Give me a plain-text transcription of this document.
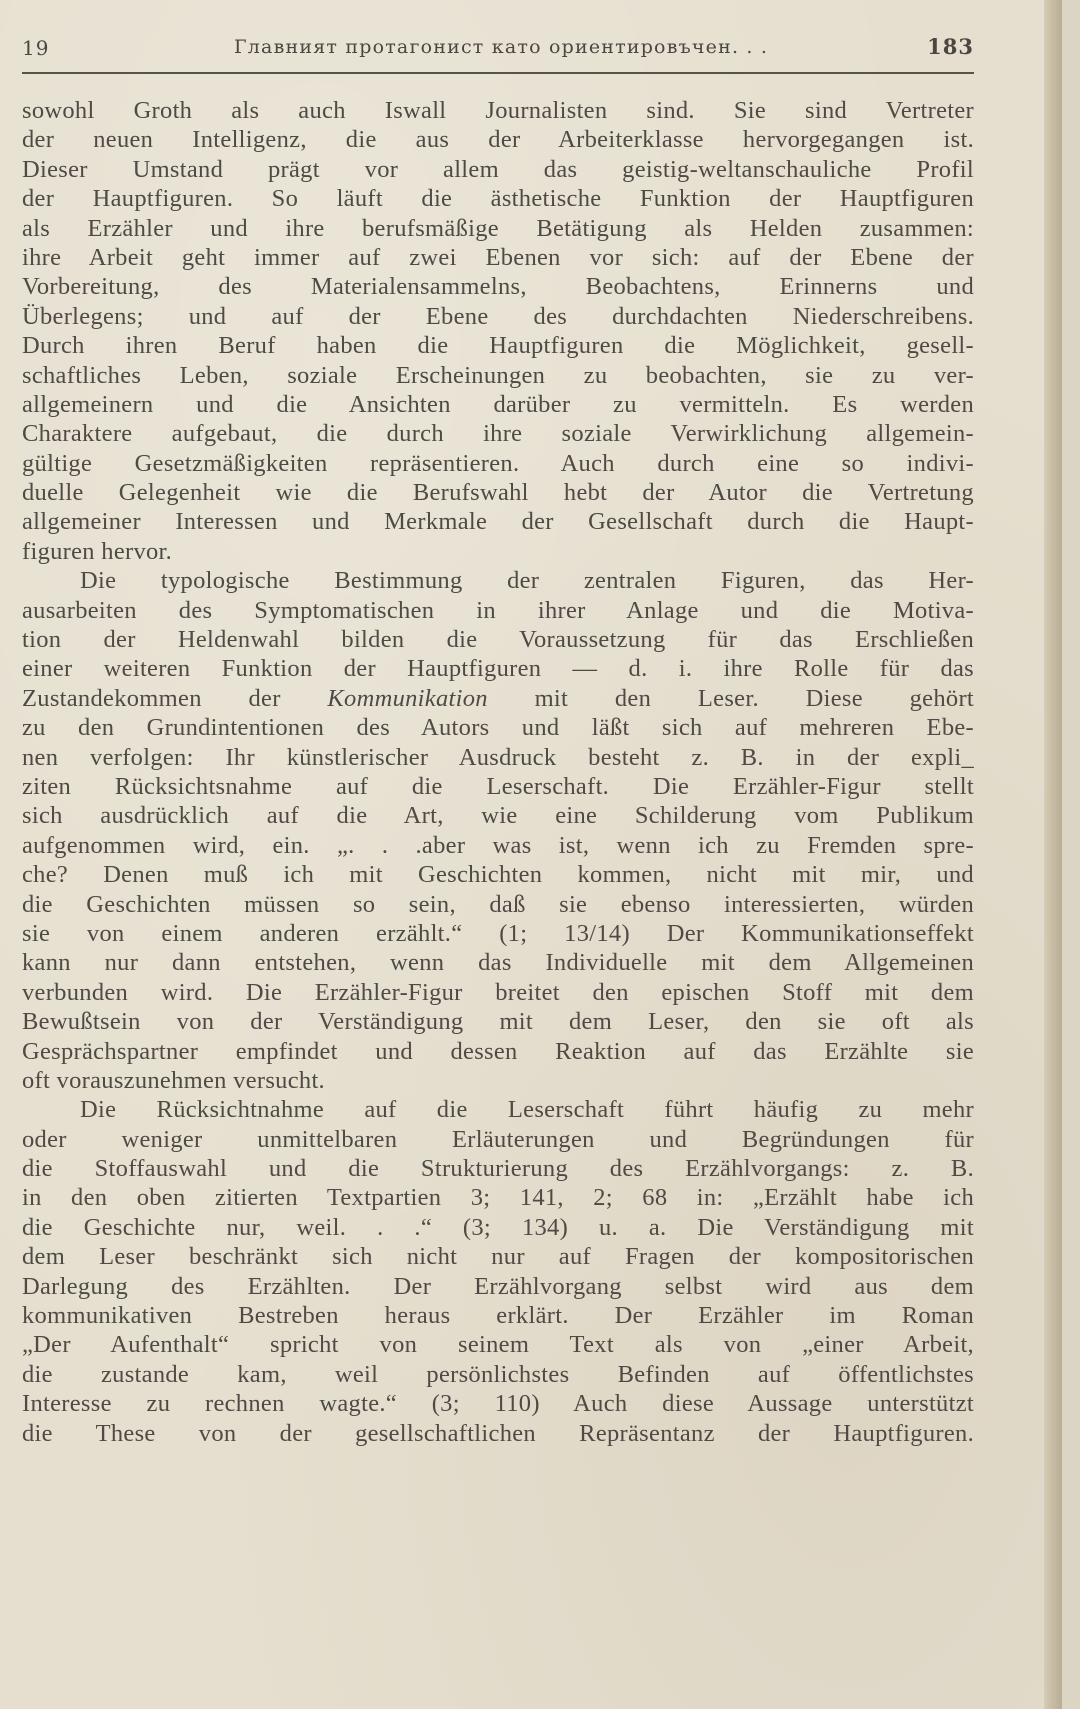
19	Главният протагонист като ориентировъчен. . .	183
sowohl Groth als auch Iswall Journalisten sind. Sie sind Vertreter
der neuen Intelligenz, die aus der Arbeiterklasse hervorgegangen ist.
Dieser Umstand prägt vor allem das geistig-weltanschauliche Profil
der Hauptfiguren. So läuft die ästhetische Funktion der Hauptfiguren
als Erzähler und ihre berufsmäßige Betätigung als Helden zusammen:
ihre Arbeit geht immer auf zwei Ebenen vor sich: auf der Ebene der
Vorbereitung, des Materialensammelns, Beobachtens, Erinnerns und
Überlegens; und auf der Ebene des durchdachten Niederschreibens.
Durch ihren Beruf haben die Hauptfiguren die Möglichkeit, gesell-
schaftliches Leben, soziale Erscheinungen zu beobachten, sie zu ver-
allgemeinern und die Ansichten darüber zu vermitteln. Es werden
Charaktere aufgebaut, die durch ihre soziale Verwirklichung allgemein-
gültige Gesetzmäßigkeiten repräsentieren. Auch durch eine so indivi-
duelle Gelegenheit wie die Berufswahl hebt der Autor die Vertretung
allgemeiner Interessen und Merkmale der Gesellschaft durch die Haupt-
figuren hervor.
Die typologische Bestimmung der zentralen Figuren, das Her-
ausarbeiten des Symptomatischen in ihrer Anlage und die Motiva-
tion der Heldenwahl bilden die Voraussetzung für das Erschließen
einer weiteren Funktion der Hauptfiguren — d. i. ihre Rolle für das
Zustandekommen der Kommunikation mit den Leser. Diese gehört
zu den Grundintentionen des Autors und läßt sich auf mehreren Ebe-
nen verfolgen: Ihr künstlerischer Ausdruck besteht z. B. in der expli_
ziten Rücksichtsnahme auf die Leserschaft. Die Erzähler-Figur stellt
sich ausdrücklich auf die Art, wie eine Schilderung vom Publikum
aufgenommen wird, ein. „. . .aber was ist, wenn ich zu Fremden spre-
che? Denen muß ich mit Geschichten kommen, nicht mit mir, und
die Geschichten müssen so sein, daß sie ebenso interessierten, würden
sie von einem anderen erzählt.“ (1; 13/14) Der Kommunikationseffekt
kann nur dann entstehen, wenn das Individuelle mit dem Allgemeinen
verbunden wird. Die Erzähler-Figur breitet den epischen Stoff mit dem
Bewußtsein von der Verständigung mit dem Leser, den sie oft als
Gesprächspartner empfindet und dessen Reaktion auf das Erzählte sie
oft vorauszunehmen versucht.
Die Rücksichtnahme auf die Leserschaft führt häufig zu mehr
oder weniger unmittelbaren Erläuterungen und Begründungen für
die Stoffauswahl und die Strukturierung des Erzählvorgangs: z. B.
in den oben zitierten Textpartien 3; 141, 2; 68 in: „Erzählt habe ich
die Geschichte nur, weil. . .“ (3; 134) u. a. Die Verständigung mit
dem Leser beschränkt sich nicht nur auf Fragen der kompositorischen
Darlegung des Erzählten. Der Erzählvorgang selbst wird aus dem
kommunikativen Bestreben heraus erklärt. Der Erzähler im Roman
„Der Aufenthalt“ spricht von seinem Text als von „einer Arbeit,
die zustande kam, weil persönlichstes Befinden auf öffentlichstes
Interesse zu rechnen wagte.“ (3; 110) Auch diese Aussage unterstützt
die These von der gesellschaftlichen Repräsentanz der Hauptfiguren.
